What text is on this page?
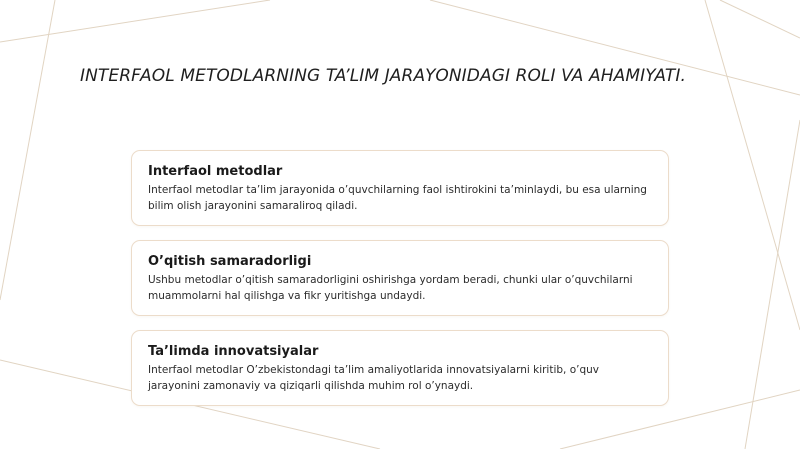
INTERFAOL METODLARNING TA’LIM JARAYONIDAGI ROLI VA AHAMIYATI.
Interfaol metodlar
Interfaol metodlar ta’lim jarayonida o’quvchilarning faol ishtirokini ta’minlaydi, bu esa ularning bilim olish jarayonini samaraliroq qiladi.
O’qitish samaradorligi
Ushbu metodlar o’qitish samaradorligini oshirishga yordam beradi, chunki ular o’quvchilarni muammolarni hal qilishga va fikr yuritishga undaydi.
Ta’limda innovatsiyalar
Interfaol metodlar O’zbekistondagi ta’lim amaliyotlarida innovatsiyalarni kiritib, o’quv jarayonini zamonaviy va qiziqarli qilishda muhim rol o’ynaydi.
